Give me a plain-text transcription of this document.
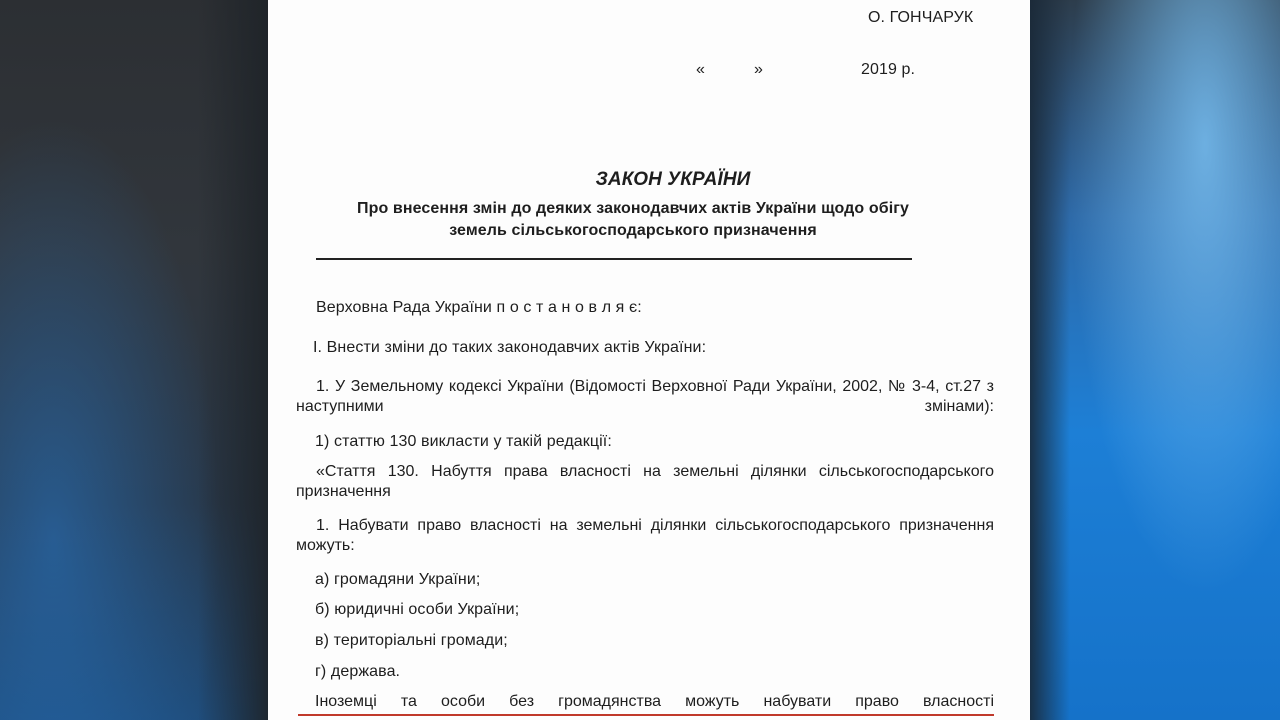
О. ГОНЧАРУК
«	»	2019 р.
ЗАКОН УКРАЇНИ
Про внесення змін до деяких законодавчих актів України щодо обігу земель сільськогосподарського призначення
Верховна Рада України п о с т а н о в л я є:
І. Внести зміни до таких законодавчих актів України:
1. У Земельному кодексі України (Відомості Верховної Ради України, 2002, № 3-4, ст.27 з наступними змінами):
1) статтю 130 викласти у такій редакції:
«Стаття 130. Набуття права власності на земельні ділянки сільськогосподарського призначення
1. Набувати право власності на земельні ділянки сільськогосподарського призначення можуть:
а) громадяни України;
б) юридичні особи України;
в) територіальні громади;
г) держава.
Іноземці та особи без громадянства можуть набувати право власності
